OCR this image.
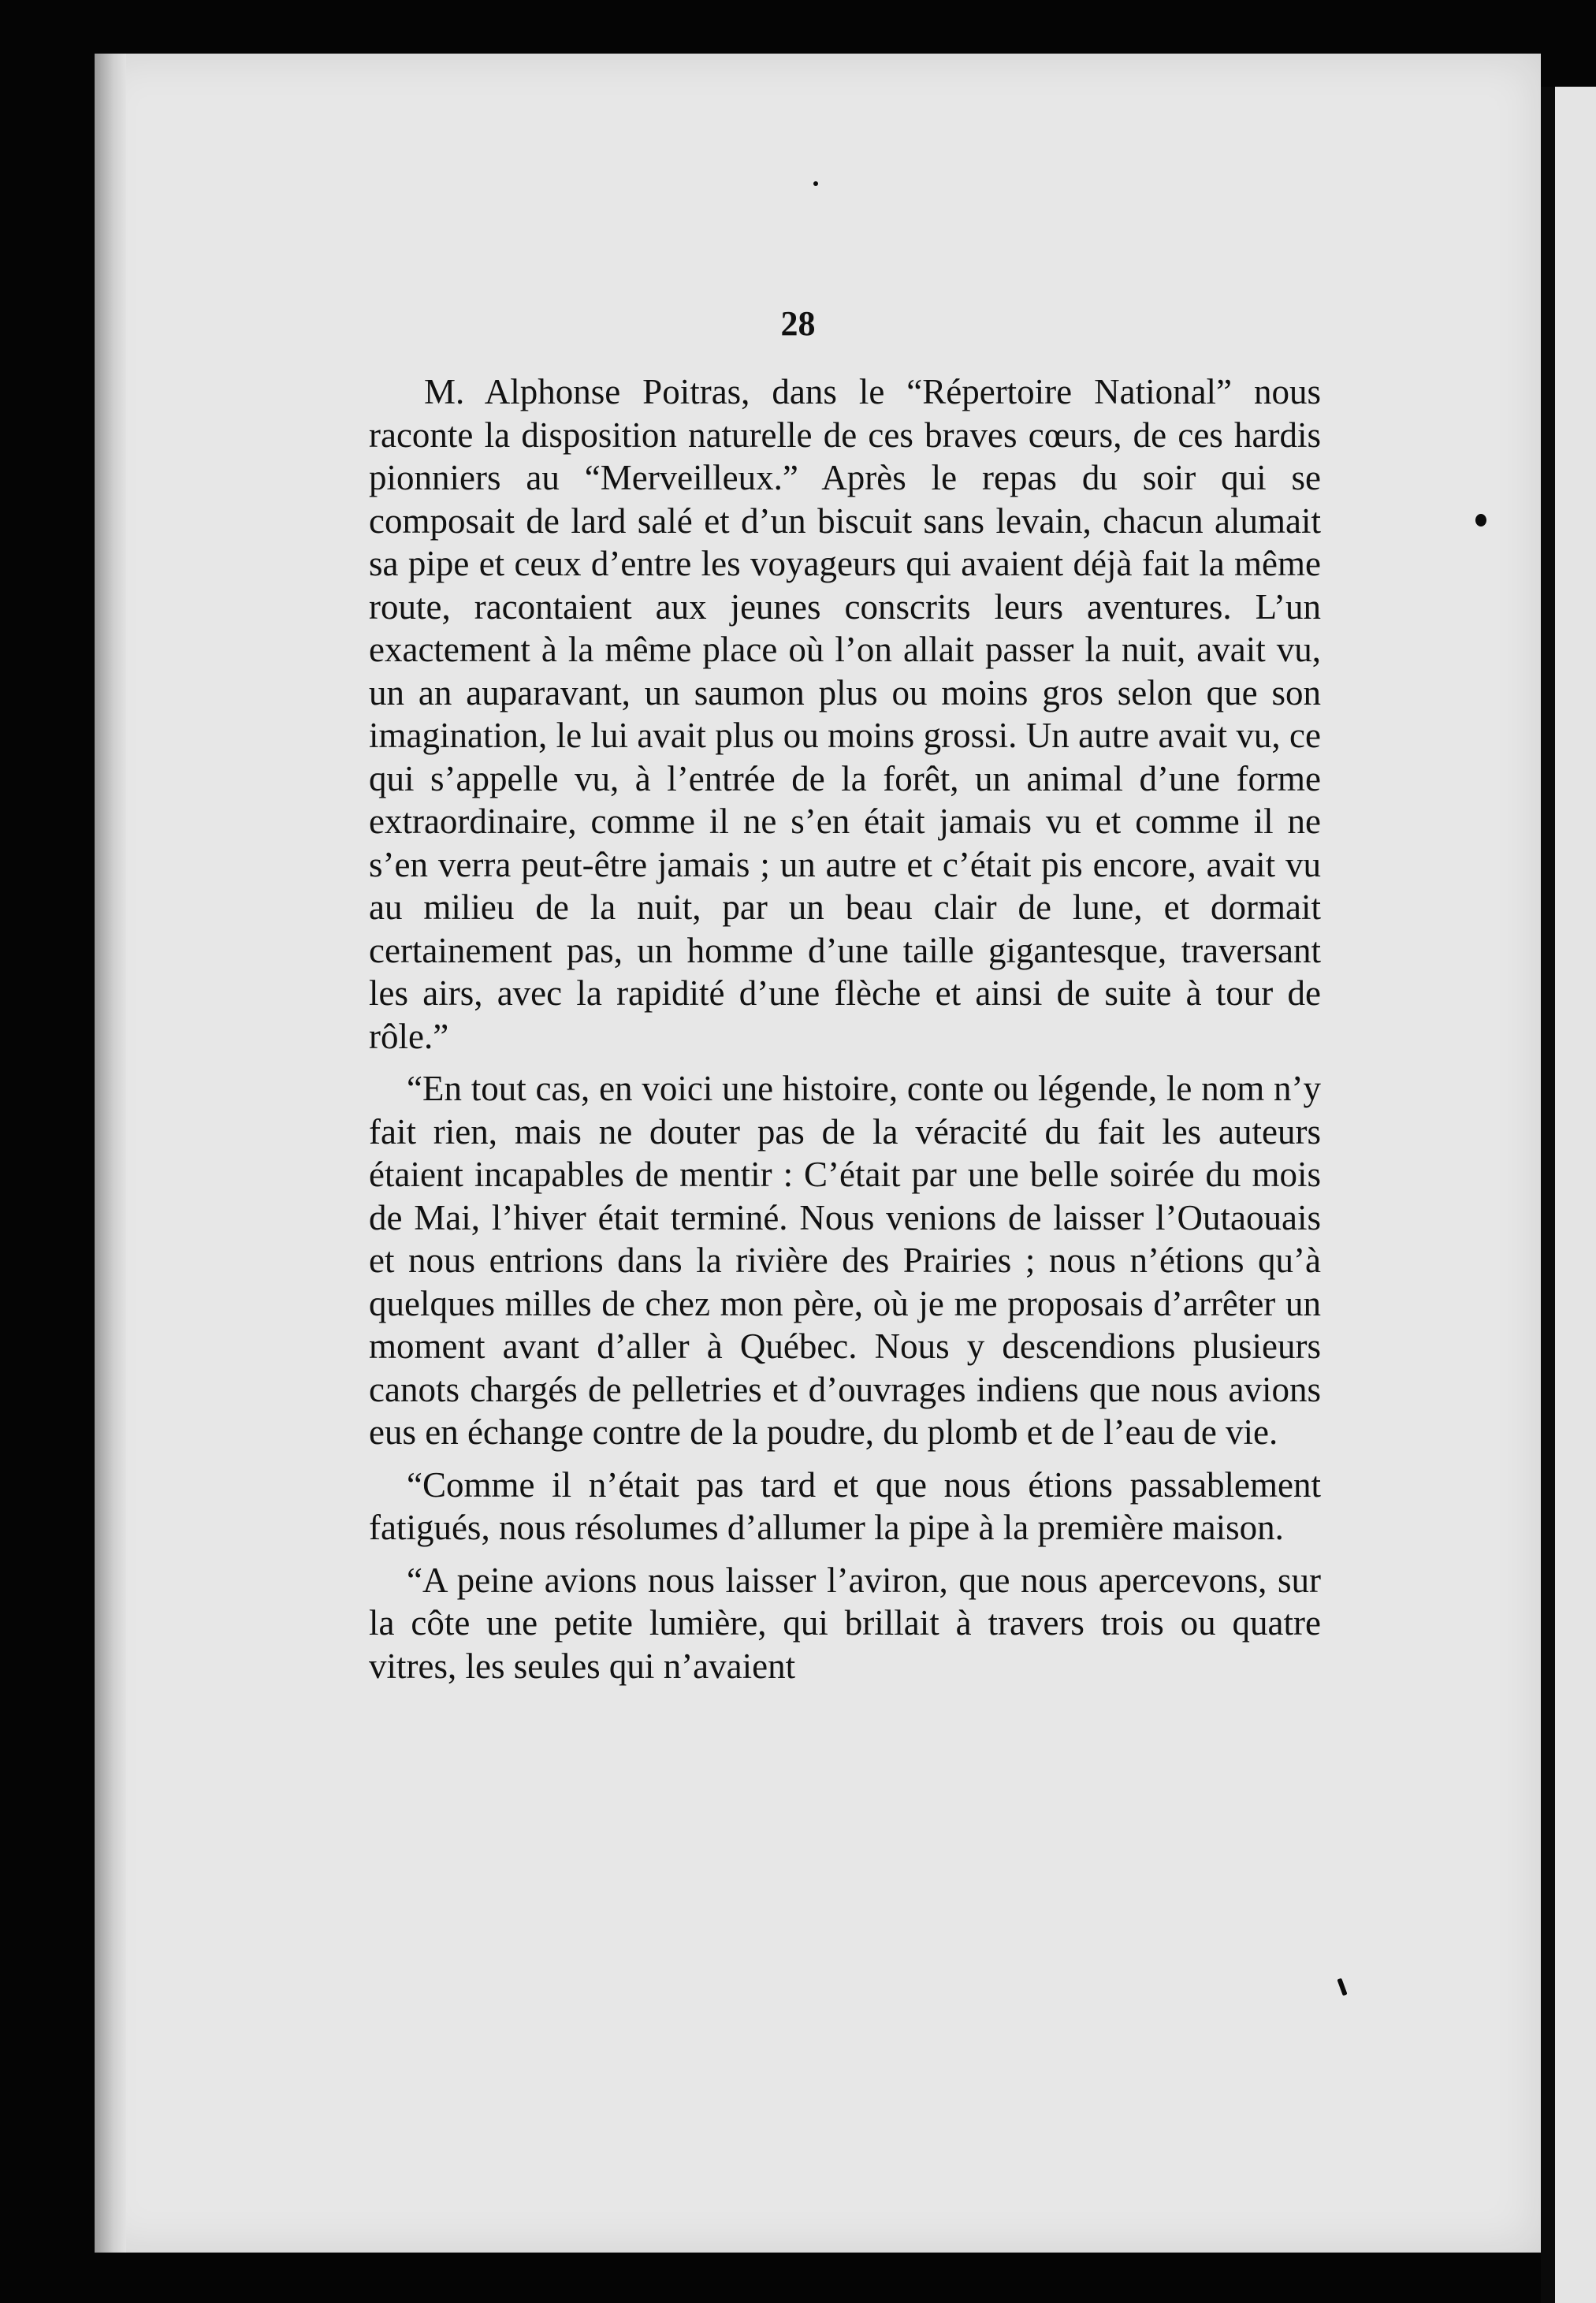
28

M. Alphonse Poitras, dans le “Répertoire National” nous raconte la disposition naturelle de ces braves cœurs, de ces hardis pionniers au “Merveilleux.” Après le repas du soir qui se composait de lard salé et d’un biscuit sans levain, chacun alumait sa pipe et ceux d’entre les voyageurs qui avaient déjà fait la même route, racontaient aux jeunes conscrits leurs aventures. L’un exactement à la même place où l’on allait passer la nuit, avait vu, un an auparavant, un saumon plus ou moins gros selon que son imagination, le lui avait plus ou moins grossi. Un autre avait vu, ce qui s’appelle vu, à l’entrée de la forêt, un animal d’une forme extraordinaire, comme il ne s’en était jamais vu et comme il ne s’en verra peut-être jamais ; un autre et c’était pis encore, avait vu au milieu de la nuit, par un beau clair de lune, et dormait certainement pas, un homme d’une taille gigantesque, traversant les airs, avec la rapidité d’une flèche et ainsi de suite à tour de rôle.”

“En tout cas, en voici une histoire, conte ou légende, le nom n’y fait rien, mais ne douter pas de la véracité du fait les auteurs étaient incapables de mentir : C’était par une belle soirée du mois de Mai, l’hiver était terminé. Nous venions de laisser l’Outaouais et nous entrions dans la rivière des Prairies ; nous n’étions qu’à quelques milles de chez mon père, où je me proposais d’arrêter un moment avant d’aller à Québec. Nous y descendions plusieurs canots chargés de pelletries et d’ouvrages indiens que nous avions eus en échange contre de la poudre, du plomb et de l’eau de vie.

“Comme il n’était pas tard et que nous étions passablement fatigués, nous résolumes d’allumer la pipe à la première maison.

“A peine avions nous laisser l’aviron, que nous apercevons, sur la côte une petite lumière, qui brillait à travers trois ou quatre vitres, les seules qui n’avaient
